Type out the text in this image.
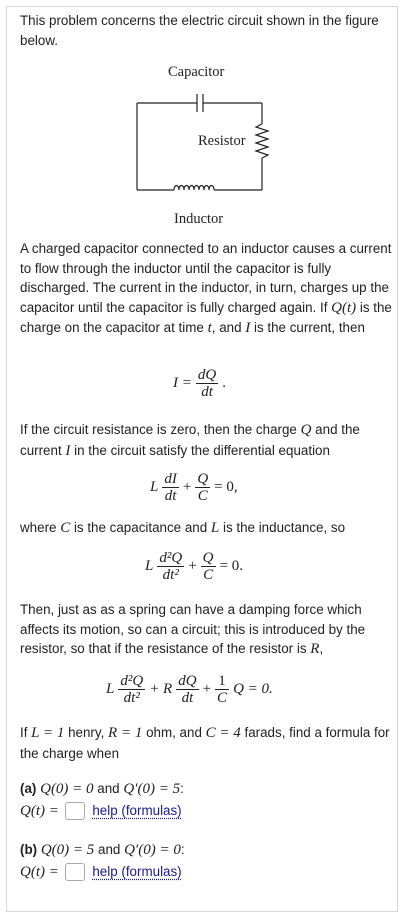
This problem concerns the electric circuit shown in the figure below.
Capacitor
Resistor
Inductor
A charged capacitor connected to an inductor causes a current to flow through the inductor until the capacitor is fully discharged. The current in the inductor, in turn, charges up the capacitor until the capacitor is fully charged again. If Q(t) is the charge on the capacitor at time t, and I is the current, then
$I = \frac{dQ}{dt}$ .
If the circuit resistance is zero, then the charge Q and the current I in the circuit satisfy the differential equation
L $\frac{dI}{dt} + \frac{Q}{C} = 0$,
where C is the capacitance and L is the inductance, so
L $\frac{\text{d²Q}}{\text{dt²}} + \frac{Q}{C} = 0$.
Then, just as as a spring can have a damping force which affects its motion, so can a circuit; this is introduced by the resistor, so that if the resistance of the resistor is R,
L $\frac{\text{d²Q}}{\text{dt²}} + R \frac{dQ}{dt} + \frac{1}{C}$ Q = 0.
If L = 1 henry, R = 1 ohm, and C = 4 farads, find a formula for the charge when
(a) Q(0) = 0 and Q′(0) = 5:
Q(t) = help (formulas)
(b) Q(0) = 5 and Q′(0) = 0:
Q(t) = help (formulas)
